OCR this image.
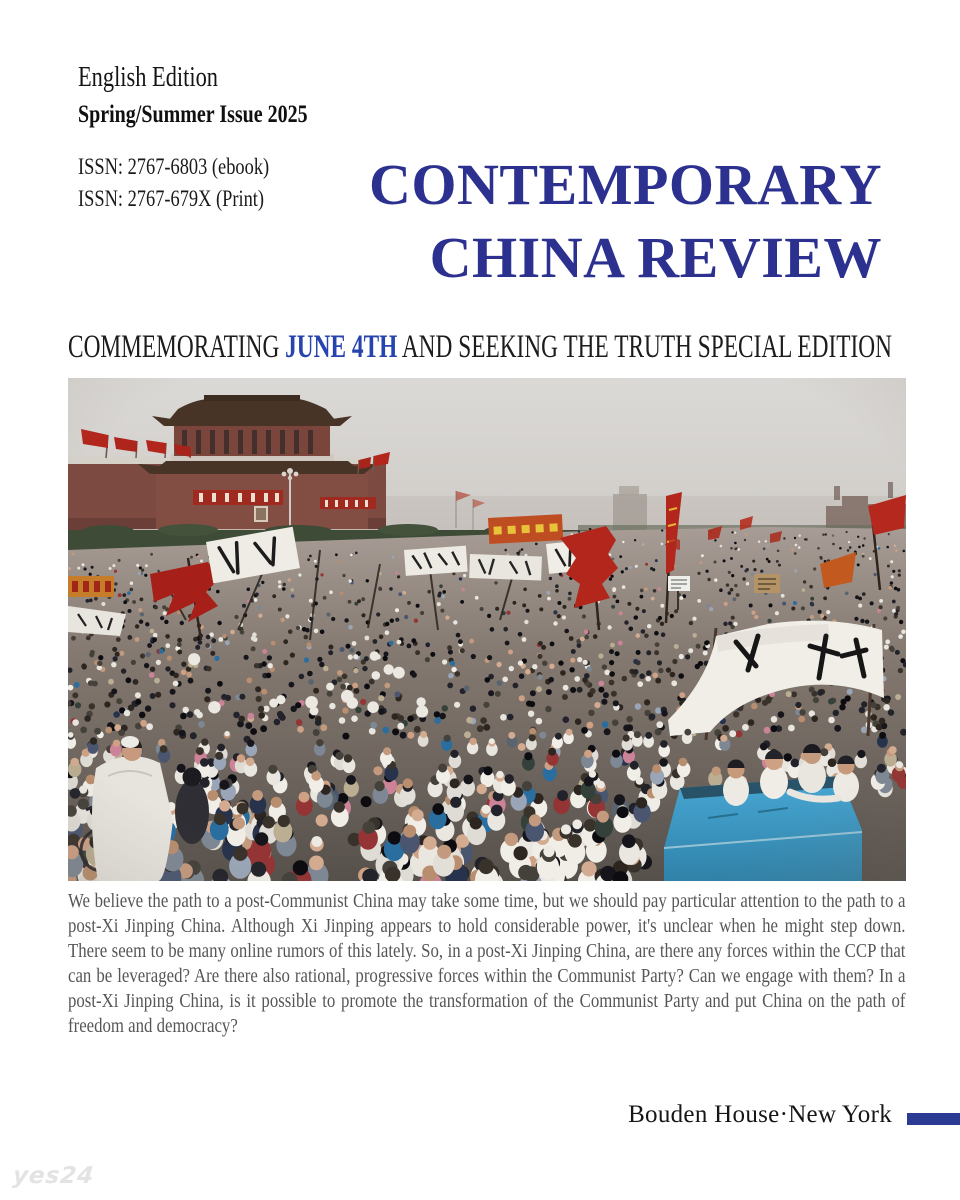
English Edition
Spring/Summer Issue 2025
ISSN: 2767-6803 (ebook)
ISSN: 2767-679X (Print)	CONTEMPORARY
CHINA REVIEW
COMMEMORATING JUNE 4TH AND SEEKING THE TRUTH SPECIAL EDITION

We believe the path to a post-Communist China may take some time, but we should pay particular attention to the path to a post-Xi Jinping China. Although Xi Jinping appears to hold considerable power, it's unclear when he might step down. There seem to be many online rumors of this lately. So, in a post-Xi Jinping China, are there any forces within the CCP that can be leveraged? Are there also rational, progressive forces within the Communist Party? Can we engage with them? In a post-Xi Jinping China, is it possible to promote the transformation of the Communist Party and put China on the path of freedom and democracy?

Bouden House·New York
yes24
